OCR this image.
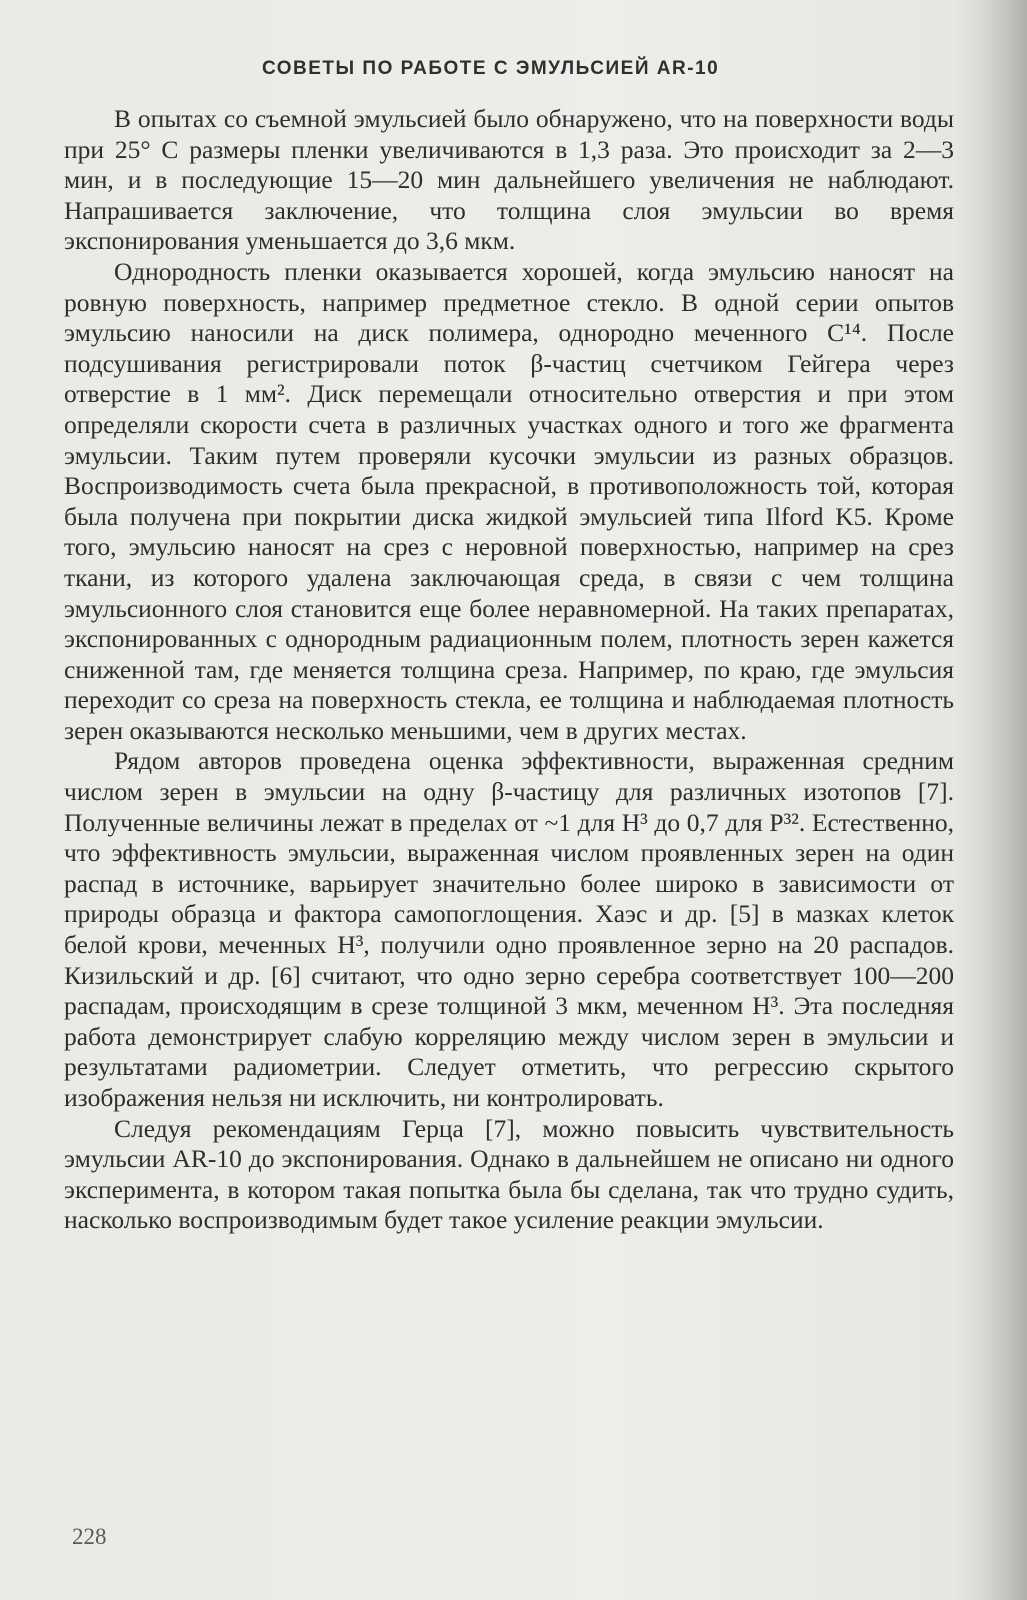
СОВЕТЫ ПО РАБОТЕ С ЭМУЛЬСИЕЙ AR-10

В опытах со съемной эмульсией было обнаружено, что на поверхности воды при 25° С размеры пленки увеличиваются в 1,3 раза. Это происходит за 2—3 мин, и в последующие 15—20 мин дальнейшего увеличения не наблюдают. Напрашивается заключение, что толщина слоя эмульсии во время экспонирования уменьшается до 3,6 мкм.

Однородность пленки оказывается хорошей, когда эмульсию наносят на ровную поверхность, например предметное стекло. В одной серии опытов эмульсию наносили на диск полимера, однородно меченного C¹⁴. После подсушивания регистрировали поток β-частиц счетчиком Гейгера через отверстие в 1 мм². Диск перемещали относительно отверстия и при этом определяли скорости счета в различных участках одного и того же фрагмента эмульсии. Таким путем проверяли кусочки эмульсии из разных образцов. Воспроизводимость счета была прекрасной, в противоположность той, которая была получена при покрытии диска жидкой эмульсией типа Ilford K5. Кроме того, эмульсию наносят на срез с неровной поверхностью, например на срез ткани, из которого удалена заключающая среда, в связи с чем толщина эмульсионного слоя становится еще более неравномерной. На таких препаратах, экспонированных с однородным радиационным полем, плотность зерен кажется сниженной там, где меняется толщина среза. Например, по краю, где эмульсия переходит со среза на поверхность стекла, ее толщина и наблюдаемая плотность зерен оказываются несколько меньшими, чем в других местах.

Рядом авторов проведена оценка эффективности, выраженная средним числом зерен в эмульсии на одну β-частицу для различных изотопов [7]. Полученные величины лежат в пределах от ~1 для H³ до 0,7 для P³². Естественно, что эффективность эмульсии, выраженная числом проявленных зерен на один распад в источнике, варьирует значительно более широко в зависимости от природы образца и фактора самопоглощения. Хаэс и др. [5] в мазках клеток белой крови, меченных H³, получили одно проявленное зерно на 20 распадов. Кизильский и др. [6] считают, что одно зерно серебра соответствует 100—200 распадам, происходящим в срезе толщиной 3 мкм, меченном H³. Эта последняя работа демонстрирует слабую корреляцию между числом зерен в эмульсии и результатами радиометрии. Следует отметить, что регрессию скрытого изображения нельзя ни исключить, ни контролировать.

Следуя рекомендациям Герца [7], можно повысить чувствительность эмульсии AR-10 до экспонирования. Однако в дальнейшем не описано ни одного эксперимента, в котором такая попытка была бы сделана, так что трудно судить, насколько воспроизводимым будет такое усиление реакции эмульсии.

228
